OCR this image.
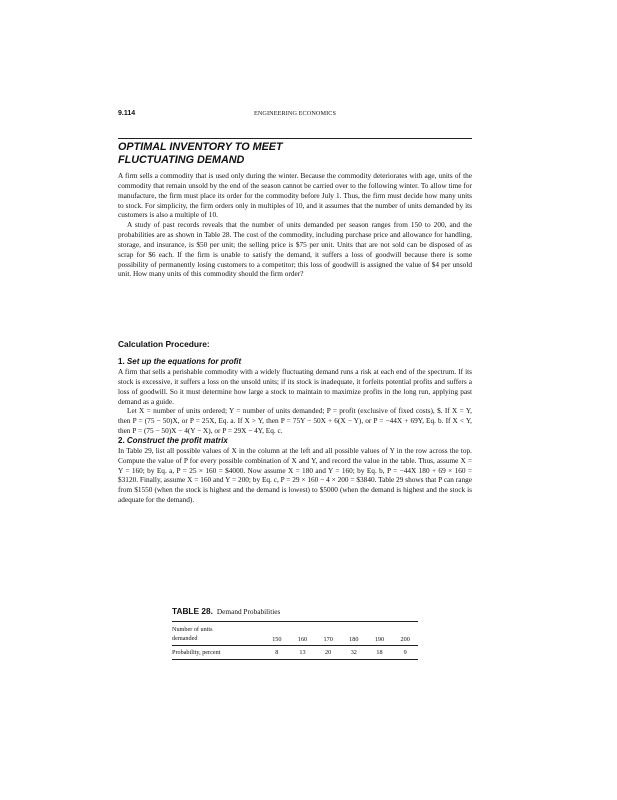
9.114	ENGINEERING ECONOMICS
OPTIMAL INVENTORY TO MEET
FLUCTUATING DEMAND

A firm sells a commodity that is used only during the winter. Because the commodity deteriorates with age, units of the commodity that remain unsold by the end of the season cannot be carried over to the following winter. To allow time for manufacture, the firm must place its order for the commodity before July 1. Thus, the firm must decide how many units to stock. For simplicity, the firm orders only in multiples of 10, and it assumes that the number of units demanded by its customers is also a multiple of 10.

A study of past records reveals that the number of units demanded per season ranges from 150 to 200, and the probabilities are as shown in Table 28. The cost of the commodity, including purchase price and allowance for handling, storage, and insurance, is $50 per unit; the selling price is $75 per unit. Units that are not sold can be disposed of as scrap for $6 each. If the firm is unable to satisfy the demand, it suffers a loss of goodwill because there is some possibility of permanently losing customers to a competitor; this loss of goodwill is assigned the value of $4 per unsold unit. How many units of this commodity should the firm order?

Calculation Procedure:
1. Set up the equations for profit

A firm that sells a perishable commodity with a widely fluctuating demand runs a risk at each end of the spectrum. If its stock is excessive, it suffers a loss on the unsold units; if its stock is inadequate, it forfeits potential profits and suffers a loss of goodwill. So it must determine how large a stock to maintain to maximize profits in the long run, applying past demand as a guide.

Let X = number of units ordered; Y = number of units demanded; P = profit (exclusive of fixed costs), $. If X = Y, then P = (75 − 50)X, or P = 25X, Eq. a. If X > Y, then P = 75Y − 50X + 6(X − Y), or P = −44X + 69Y, Eq. b. If X < Y, then P = (75 − 50)X − 4(Y − X), or P = 29X − 4Y, Eq. c.

2. Construct the profit matrix

In Table 29, list all possible values of X in the column at the left and all possible values of Y in the row across the top. Compute the value of P for every possible combination of X and Y, and record the value in the table. Thus, assume X = Y = 160; by Eq. a, P = 25 × 160 = $4000. Now assume X = 180 and Y = 160; by Eq. b, P = −44X 180 + 69 × 160 = $3120. Finally, assume X = 160 and Y = 200; by Eq. c, P = 29 × 160 − 4 × 200 = $3840. Table 29 shows that P can range from $1550 (when the stock is highest and the demand is lowest) to $5000 (when the demand is highest and the stock is adequate for the demand).

TABLE 28. Demand Probabilities
Number of units
demanded	150	160	170	180	190	200
Probability, percent	8	13	20	32	18	9
